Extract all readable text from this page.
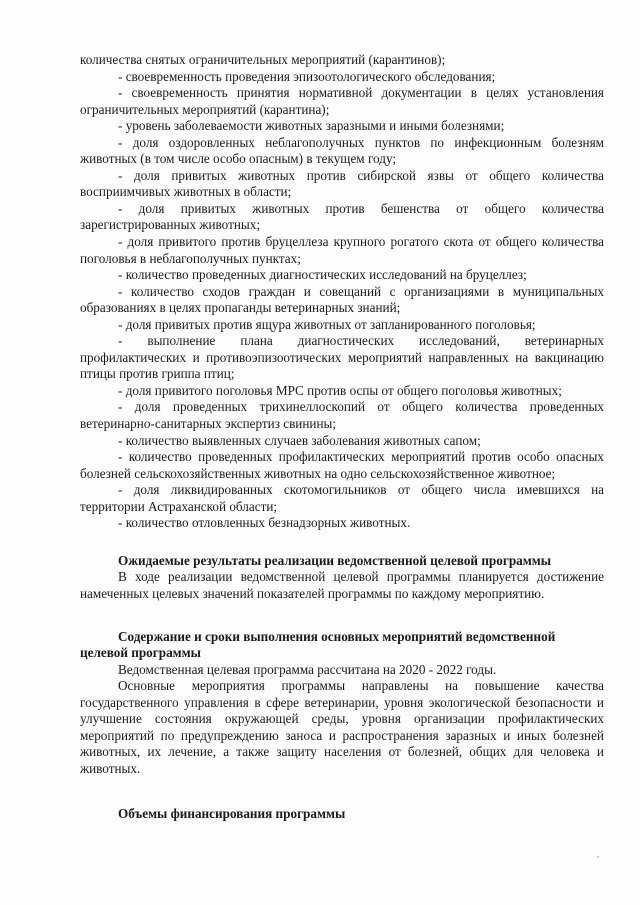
количества снятых ограничительных мероприятий (карантинов);

- своевременность проведения эпизоотологического обследования;

- своевременность принятия нормативной документации в целях установления ограничительных мероприятий (карантина);

- уровень заболеваемости животных заразными и иными болезнями;

- доля оздоровленных неблагополучных пунктов по инфекционным болезням животных (в том числе особо опасным) в текущем году;

- доля привитых животных против сибирской язвы от общего количества восприимчивых животных в области;

- доля привитых животных против бешенства от общего количества зарегистрированных животных;

- доля привитого против бруцеллеза крупного рогатого скота от общего количества поголовья в неблагополучных пунктах;

- количество проведенных диагностических исследований на бруцеллез;

- количество сходов граждан и совещаний с организациями в муниципальных образованиях в целях пропаганды ветеринарных знаний;

- доля привитых против ящура животных от запланированного поголовья;

- выполнение плана диагностических исследований, ветеринарных профилактических и противоэпизоотических мероприятий направленных на вакцинацию птицы против гриппа птиц;

- доля привитого поголовья МРС против оспы от общего поголовья животных;

- доля проведенных трихинеллоскопий от общего количества проведенных ветеринарно-санитарных экспертиз свинины;

- количество выявленных случаев заболевания животных сапом;

- количество проведенных профилактических мероприятий против особо опасных болезней сельскохозяйственных животных на одно сельскохозяйственное животное;

- доля ликвидированных скотомогильников от общего числа имевшихся на территории Астраханской области;

- количество отловленных безнадзорных животных.

Ожидаемые результаты реализации ведомственной целевой программы

В ходе реализации ведомственной целевой программы планируется достижение намеченных целевых значений показателей программы по каждому мероприятию.

Содержание и сроки выполнения основных мероприятий ведомственной целевой программы

Ведомственная целевая программа рассчитана на 2020 - 2022 годы.

Основные мероприятия программы направлены на повышение качества государственного управления в сфере ветеринарии, уровня экологической безопасности и улучшение состояния окружающей среды, уровня организации профилактических мероприятий по предупреждению заноса и распространения заразных и иных болезней животных, их лечение, а также защиту населения от болезней, общих для человека и животных.

Объемы финансирования программы
